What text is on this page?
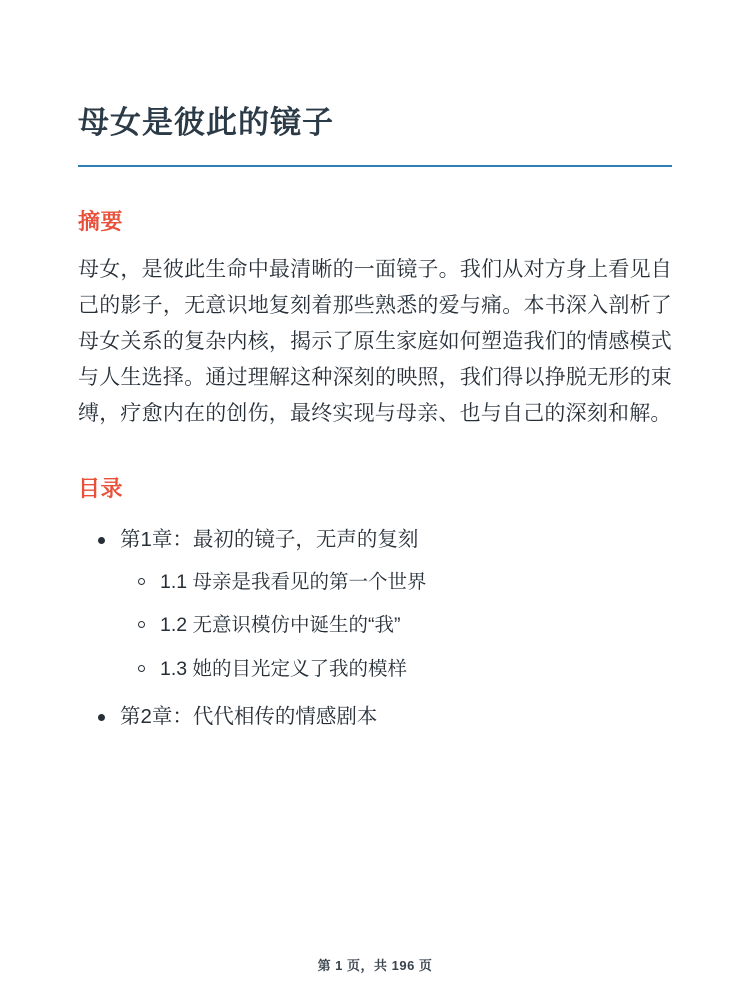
母女是彼此的镜子
摘要

母女，是彼此生命中最清晰的一面镜子。我们从对方身上看见自己的影子，无意识地复刻着那些熟悉的爱与痛。本书深入剖析了母女关系的复杂内核，揭示了原生家庭如何塑造我们的情感模式与人生选择。通过理解这种深刻的映照，我们得以挣脱无形的束缚，疗愈内在的创伤，最终实现与母亲、也与自己的深刻和解。

目录
第1章：最初的镜子，无声的复刻
1.1 母亲是我看见的第一个世界
1.2 无意识模仿中诞生的“我”
1.3 她的目光定义了我的模样
第2章：代代相传的情感剧本
第 1 页，共 196 页
